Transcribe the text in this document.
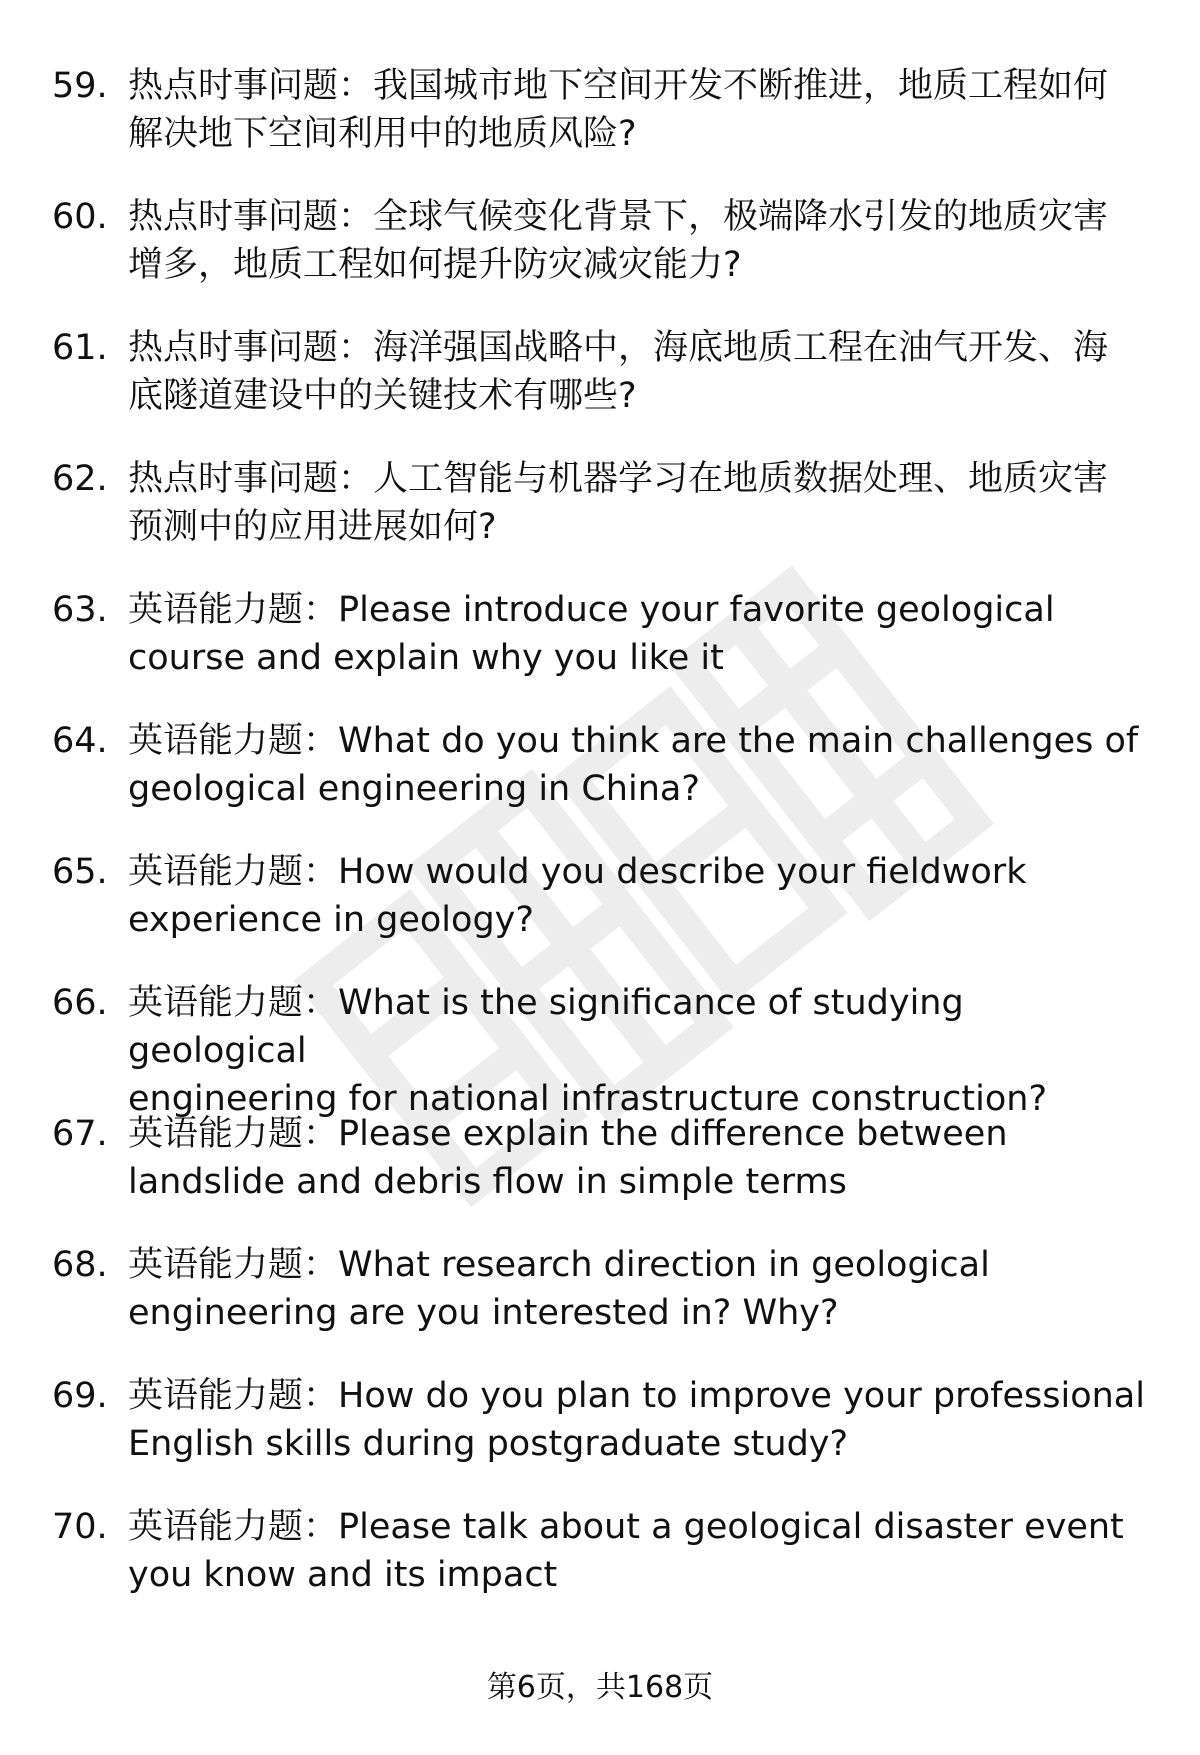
59. 热点时事问题：我国城市地下空间开发不断推进，地质工程如何
解决地下空间利用中的地质风险?
60. 热点时事问题：全球气候变化背景下，极端降水引发的地质灾害
增多，地质工程如何提升防灾减灾能力?
61. 热点时事问题：海洋强国战略中，海底地质工程在油气开发、海
底隧道建设中的关键技术有哪些?
62. 热点时事问题：人工智能与机器学习在地质数据处理、地质灾害
预测中的应用进展如何?
63. 英语能力题：Please introduce your favorite geological
course and explain why you like it
64. 英语能力题：What do you think are the main challenges of
geological engineering in China?
65. 英语能力题：How would you describe your fieldwork
experience in geology?
66. 英语能力题：What is the significance of studying geological
engineering for national infrastructure construction?
67. 英语能力题：Please explain the difference between
landslide and debris flow in simple terms
68. 英语能力题：What research direction in geological
engineering are you interested in? Why?
69. 英语能力题：How do you plan to improve your professional
English skills during postgraduate study?
70. 英语能力题：Please talk about a geological disaster event
you know and its impact
第6页，共168页
